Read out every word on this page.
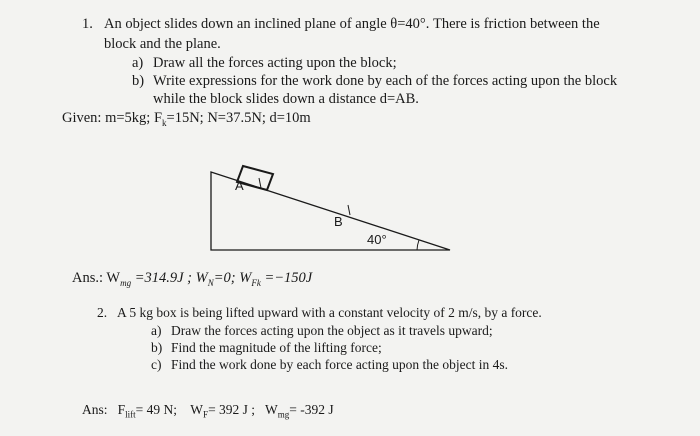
1. An object slides down an inclined plane of angle θ=40°. There is friction between the
block and the plane.
a) Draw all the forces acting upon the block;
b) Write expressions for the work done by each of the forces acting upon the block
while the block slides down a distance d=AB.
Given: m=5kg; $F_k=15N$; N=37.5N; d=10m
A
B
40°
Ans.: $W_{mg} =314.9J$ ; $W_N=0$; $W_{Fk} =-150J$
2. A 5 kg box is being lifted upward with a constant velocity of 2 m/s, by a force.
a) Draw the forces acting upon the object as it travels upward;
b) Find the magnitude of the lifting force;
c) Find the work done by each force acting upon the object in 4s.
Ans: $F_{lift}= 49$ N; $W_F= 392$ J ; $W_{mg}= -392$ J
